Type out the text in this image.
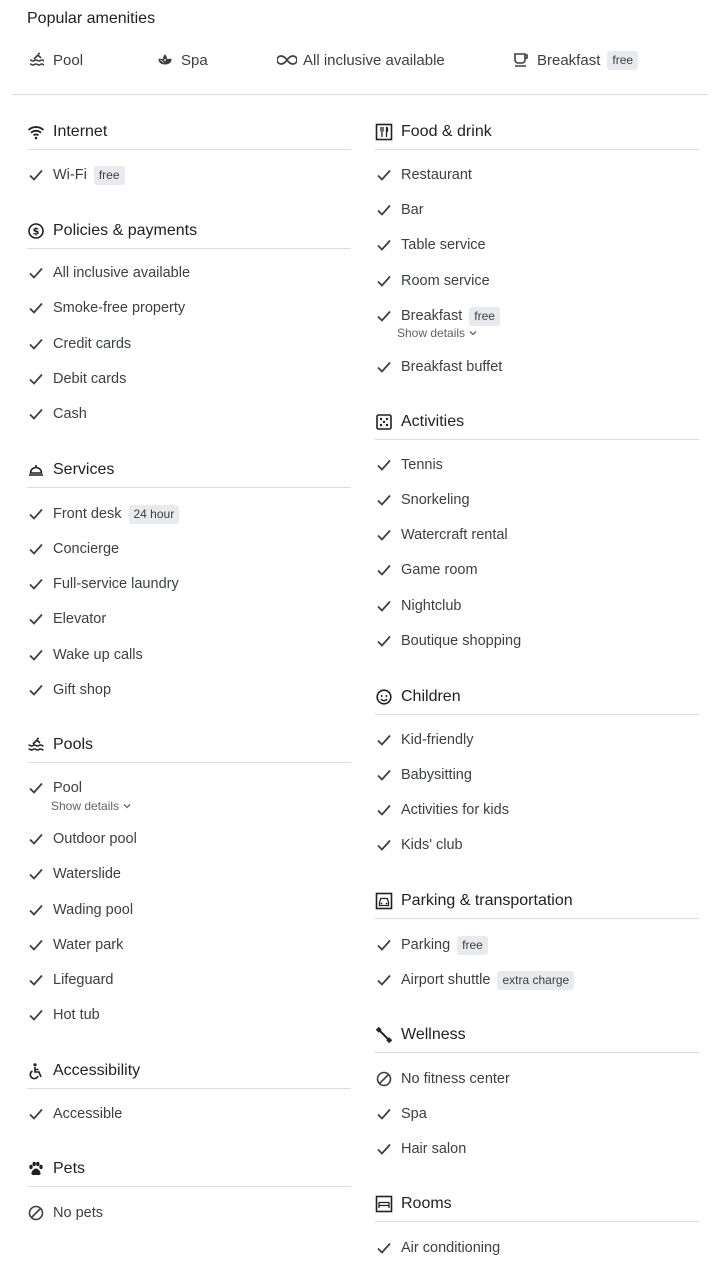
Popular amenities
Pool	Spa	All inclusive available	Breakfast	free
Internet
Wi-Fi	free
$ Policies & payments
All inclusive available
Smoke-free property
Credit cards
Debit cards
Cash
Services
Front desk	24 hour
Concierge
Full-service laundry
Elevator
Wake up calls
Gift shop
Pools
Pool
Show details
Outdoor pool
Waterslide
Wading pool
Water park
Lifeguard
Hot tub
Accessibility
Accessible
Pets
No pets
Food & drink
Restaurant
Bar
Table service
Room service
Breakfast	free
Show details
Breakfast buffet
Activities
Tennis
Snorkeling
Watercraft rental
Game room
Nightclub
Boutique shopping
Children
Kid-friendly
Babysitting
Activities for kids
Kids' club
Parking & transportation
Parking	free
Airport shuttle	extra charge
Wellness
No fitness center
Spa
Hair salon
Rooms
Air conditioning
